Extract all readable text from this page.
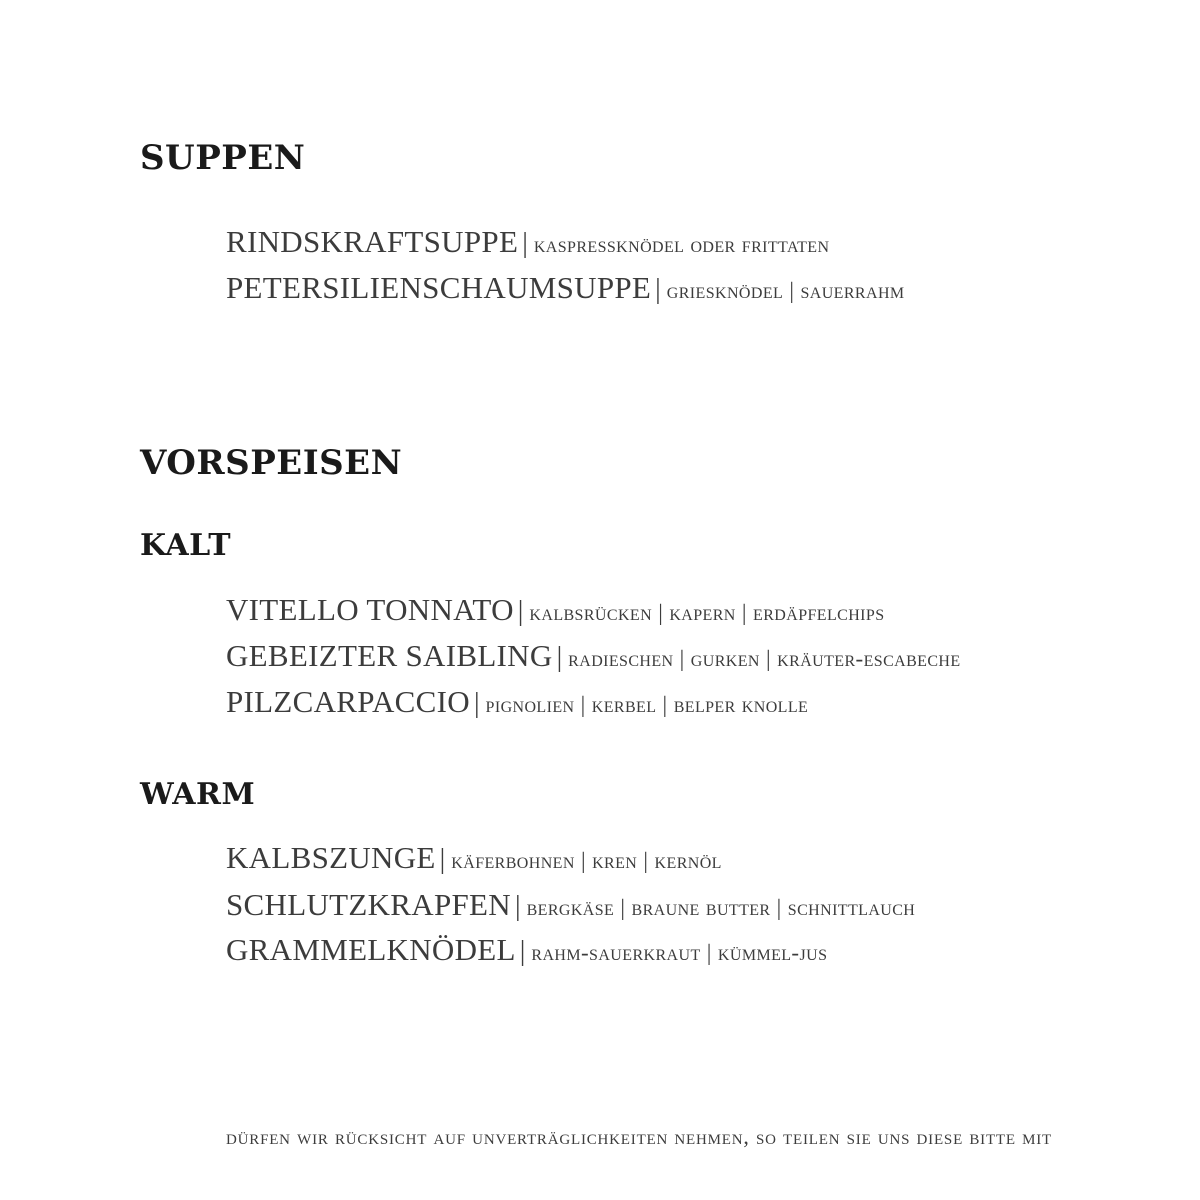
SUPPEN
RINDSKRAFTSUPPE | kaspressknödel oder frittaten
PETERSILIENSCHAUMSUPPE | griesknödel | sauerrahm
VORSPEISEN
KALT
VITELLO TONNATO | kalbsrücken | kapern | erdäpfelchips
GEBEIZTER SAIBLING | radieschen | gurken | kräuter-escabeche
PILZCARPACCIO | pignolien | kerbel | belper knolle
WARM
KALBSZUNGE | käferbohnen | kren | kernöl
SCHLUTZKRAPFEN | bergkäse | braune butter | schnittlauch
GRAMMELKNÖDEL | rahm-sauerkraut | kümmel-jus
dürfen wir rücksicht auf unverträglichkeiten nehmen, so teilen sie uns diese bitte mit
